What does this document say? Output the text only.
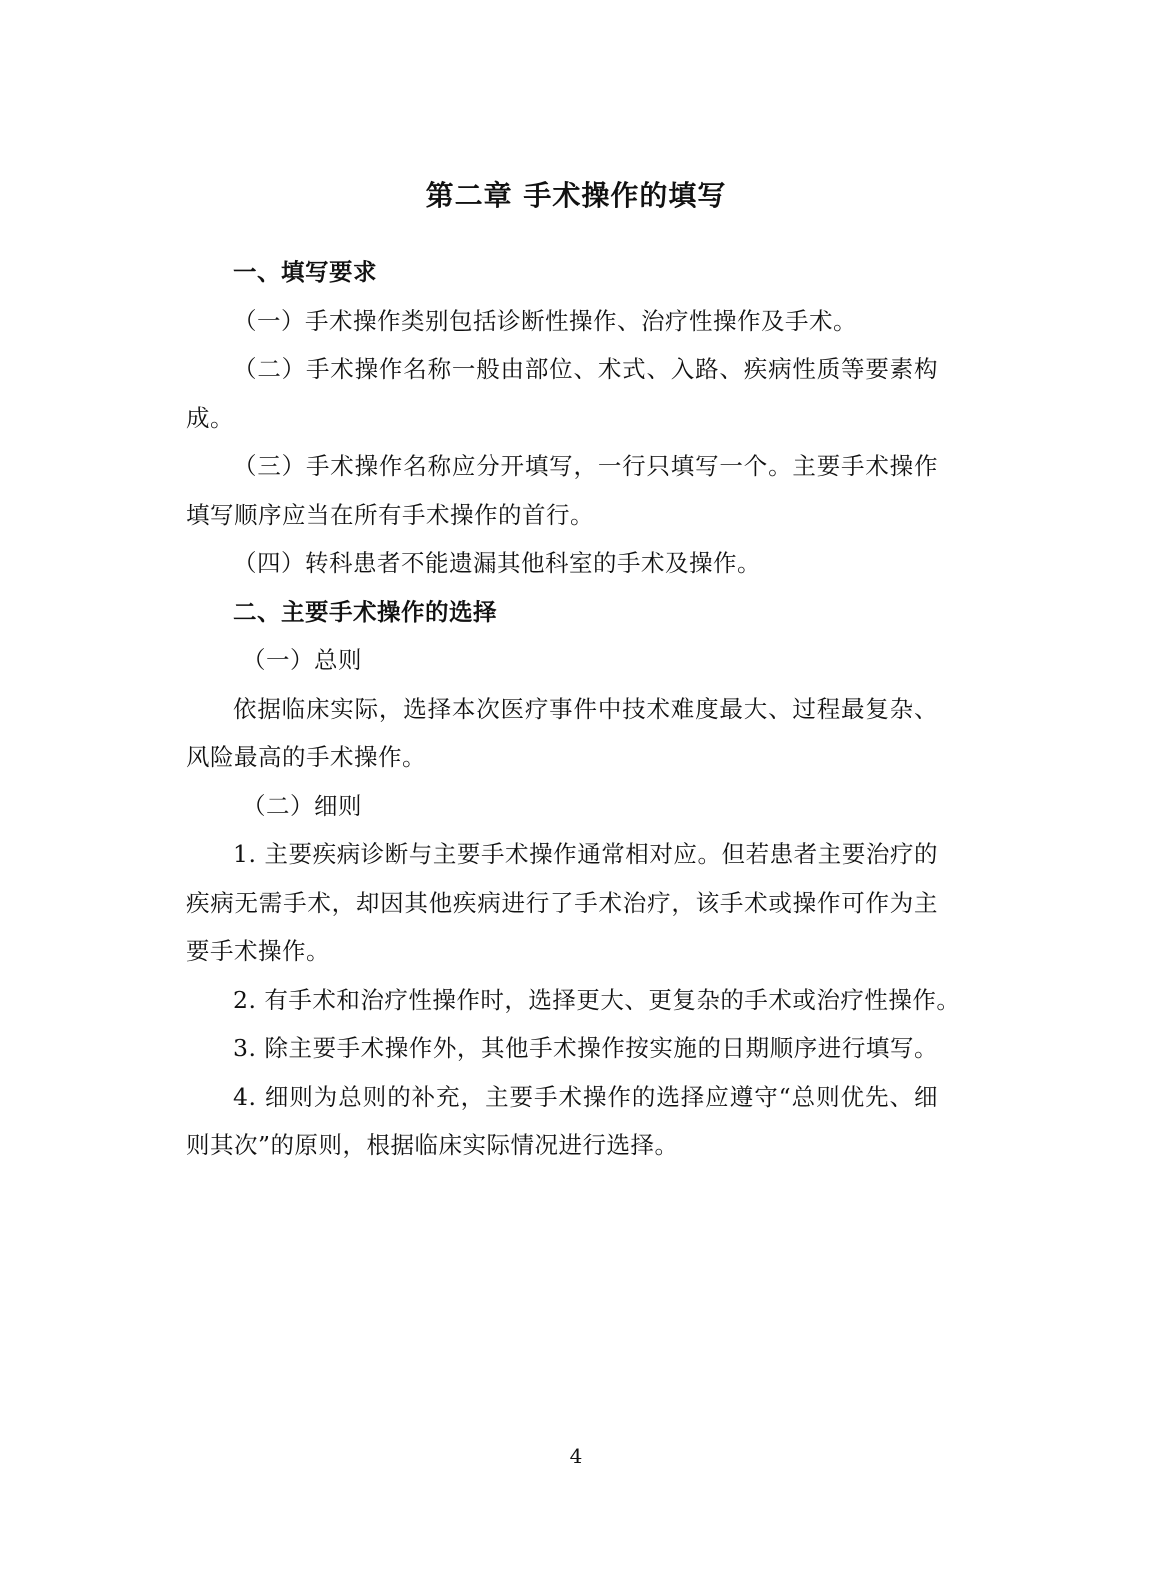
第二章 手术操作的填写
一、填写要求
（一）手术操作类别包括诊断性操作、治疗性操作及手术。
（二）手术操作名称一般由部位、术式、入路、疾病性质等要素构
成。
（三）手术操作名称应分开填写，一行只填写一个。主要手术操作
填写顺序应当在所有手术操作的首行。
（四）转科患者不能遗漏其他科室的手术及操作。
二、主要手术操作的选择
（一）总则
依据临床实际，选择本次医疗事件中技术难度最大、过程最复杂、
风险最高的手术操作。
（二）细则
1. 主要疾病诊断与主要手术操作通常相对应。但若患者主要治疗的
疾病无需手术，却因其他疾病进行了手术治疗，该手术或操作可作为主
要手术操作。
2. 有手术和治疗性操作时，选择更大、更复杂的手术或治疗性操作。
3. 除主要手术操作外，其他手术操作按实施的日期顺序进行填写。
4. 细则为总则的补充，主要手术操作的选择应遵守“总则优先、细
则其次”的原则，根据临床实际情况进行选择。
4
